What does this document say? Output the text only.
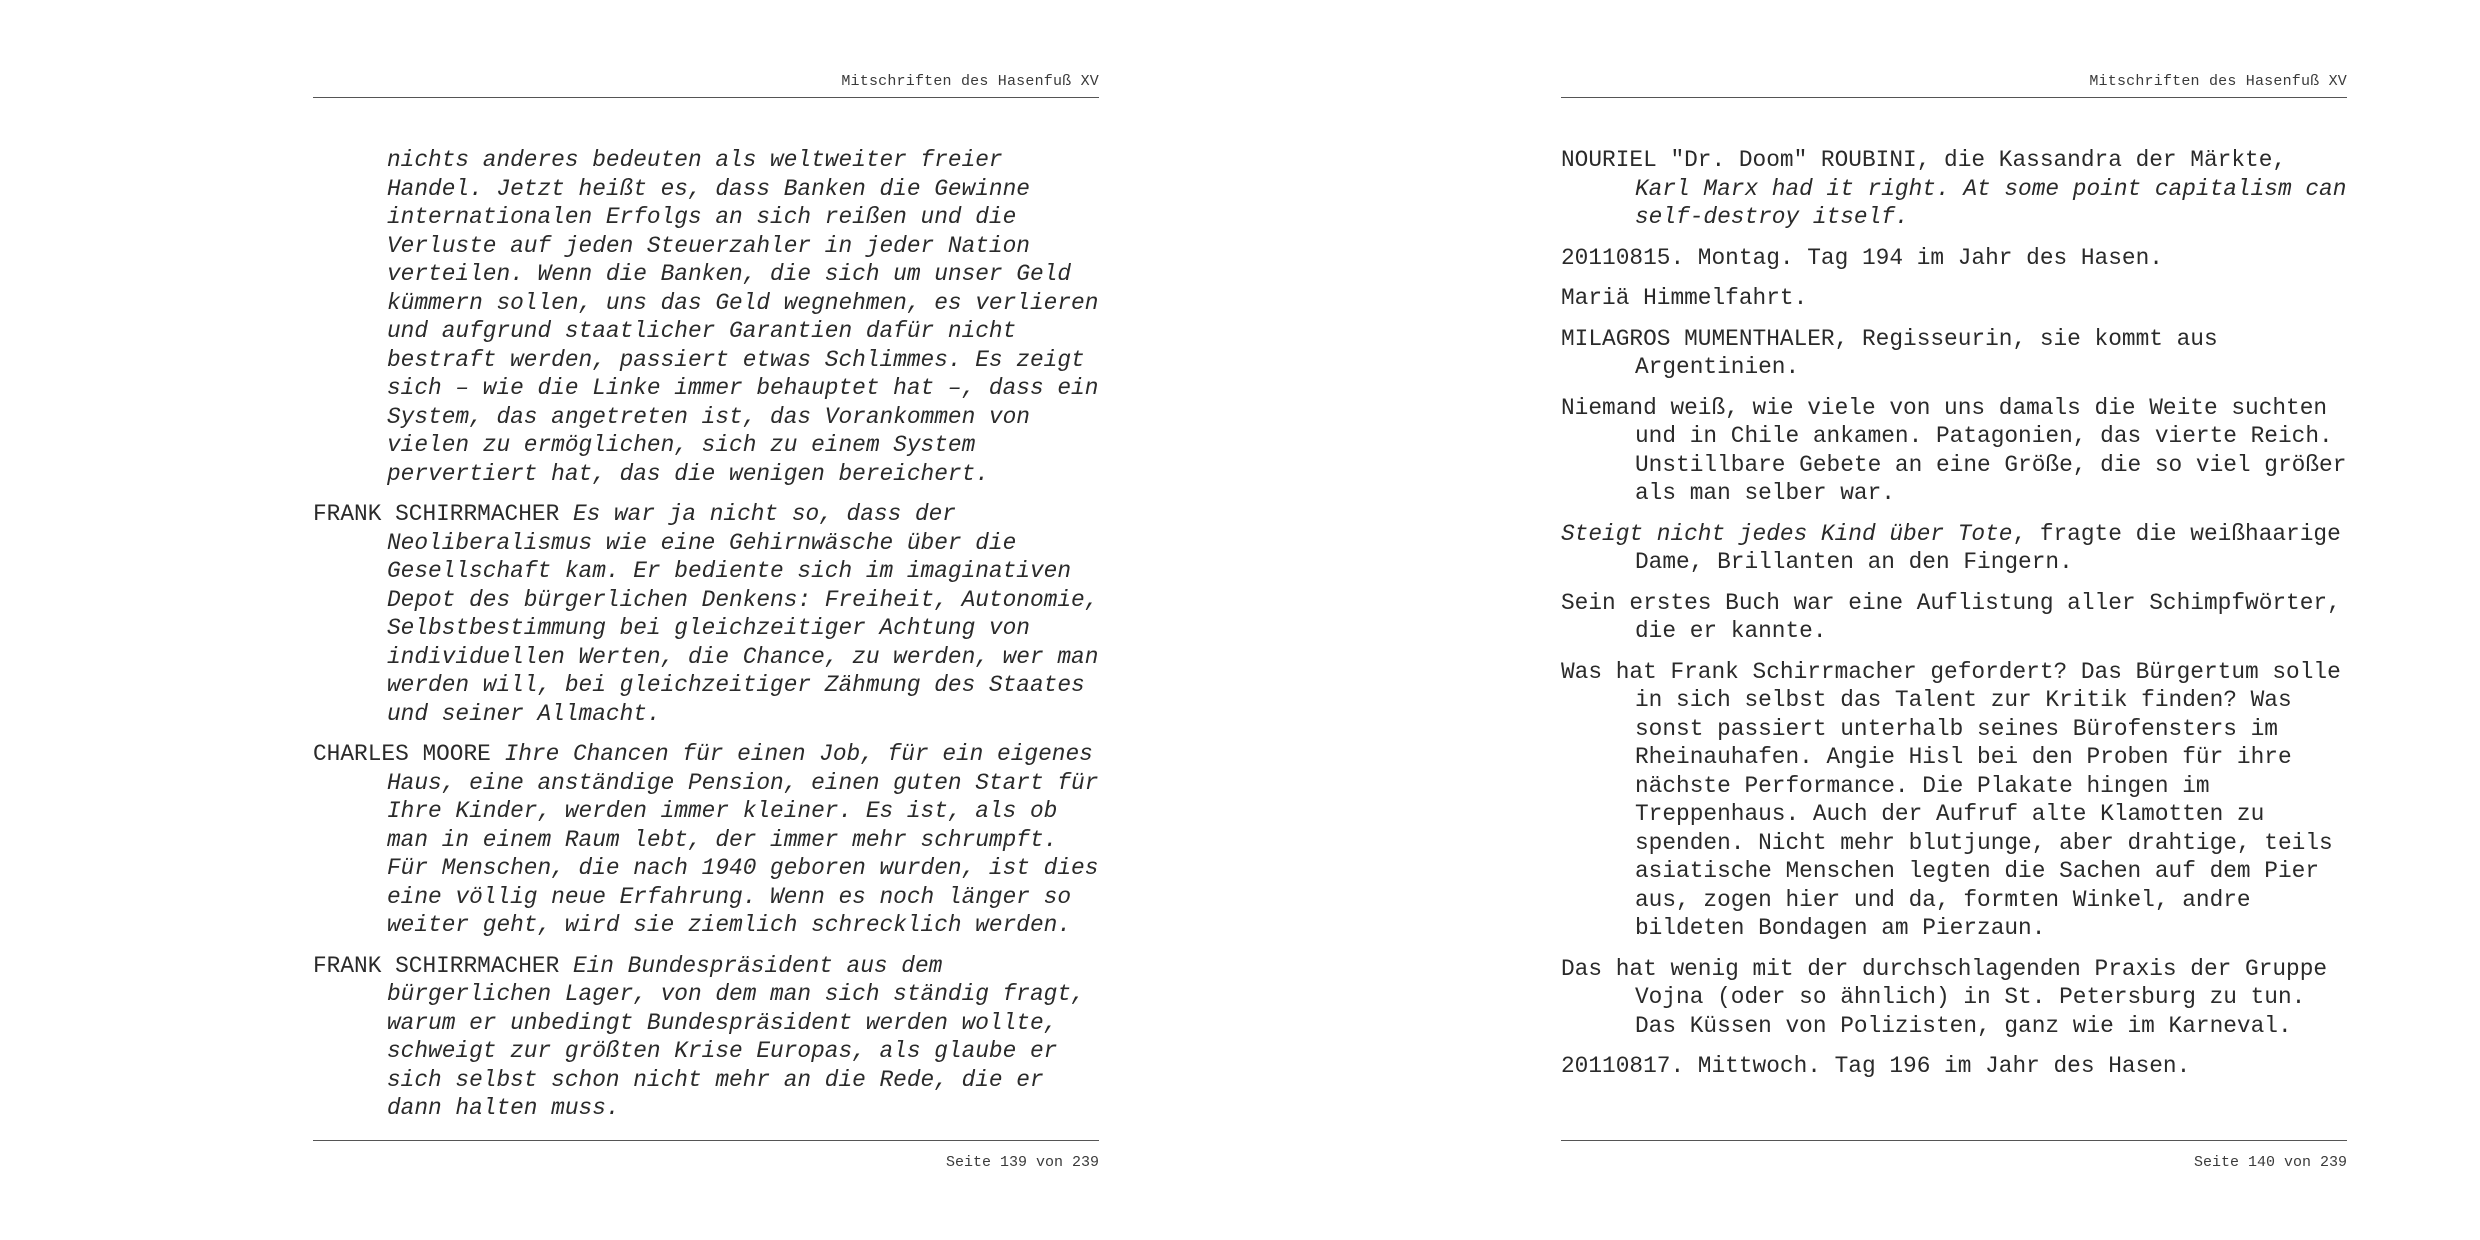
Mitschriften des Hasenfuß XV

nichts anderes bedeuten als weltweiter freier Handel. Jetzt heißt es, dass Banken die Gewinne internationalen Erfolgs an sich reißen und die Verluste auf jeden Steuerzahler in jeder Nation verteilen. Wenn die Banken, die sich um unser Geld kümmern sollen, uns das Geld wegnehmen, es verlieren und aufgrund staatlicher Garantien dafür nicht bestraft werden, passiert etwas Schlimmes. Es zeigt sich – wie die Linke immer behauptet hat –, dass ein System, das angetreten ist, das Vorankommen von vielen zu ermöglichen, sich zu einem System pervertiert hat, das die wenigen bereichert.

FRANK SCHIRRMACHER Es war ja nicht so, dass der Neoliberalismus wie eine Gehirnwäsche über die Gesellschaft kam. Er bediente sich im imaginativen Depot des bürgerlichen Denkens: Freiheit, Autonomie, Selbstbestimmung bei gleichzeitiger Achtung von individuellen Werten, die Chance, zu werden, wer man werden will, bei gleichzeitiger Zähmung des Staates und seiner Allmacht.

CHARLES MOORE Ihre Chancen für einen Job, für ein eigenes Haus, eine anständige Pension, einen guten Start für Ihre Kinder, werden immer kleiner. Es ist, als ob man in einem Raum lebt, der immer mehr schrumpft. Für Menschen, die nach 1940 geboren wurden, ist dies eine völlig neue Erfahrung. Wenn es noch länger so weiter geht, wird sie ziemlich schrecklich werden.

FRANK SCHIRRMACHER Ein Bundespräsident aus dem bürgerlichen Lager, von dem man sich ständig fragt, warum er unbedingt Bundespräsident werden wollte, schweigt zur größten Krise Europas, als glaube er sich selbst schon nicht mehr an die Rede, die er dann halten muss.

Seite 139 von 239
Mitschriften des Hasenfuß XV

NOURIEL "Dr. Doom" ROUBINI, die Kassandra der Märkte, Karl Marx had it right. At some point capitalism can self-destroy itself.

20110815. Montag. Tag 194 im Jahr des Hasen.

Mariä Himmelfahrt.

MILAGROS MUMENTHALER, Regisseurin, sie kommt aus Argentinien.

Niemand weiß, wie viele von uns damals die Weite suchten und in Chile ankamen. Patagonien, das vierte Reich. Unstillbare Gebete an eine Größe, die so viel größer als man selber war.

Steigt nicht jedes Kind über Tote, fragte die weißhaarige Dame, Brillanten an den Fingern.

Sein erstes Buch war eine Auflistung aller Schimpfwörter, die er kannte.

Was hat Frank Schirrmacher gefordert? Das Bürgertum solle in sich selbst das Talent zur Kritik finden? Was sonst passiert unterhalb seines Bürofensters im Rheinauhafen. Angie Hisl bei den Proben für ihre nächste Performance. Die Plakate hingen im Treppenhaus. Auch der Aufruf alte Klamotten zu spenden. Nicht mehr blutjunge, aber drahtige, teils asiatische Menschen legten die Sachen auf dem Pier aus, zogen hier und da, formten Winkel, andre bildeten Bondagen am Pierzaun.

Das hat wenig mit der durchschlagenden Praxis der Gruppe Vojna (oder so ähnlich) in St. Petersburg zu tun. Das Küssen von Polizisten, ganz wie im Karneval.

20110817. Mittwoch. Tag 196 im Jahr des Hasen.

Seite 140 von 239
